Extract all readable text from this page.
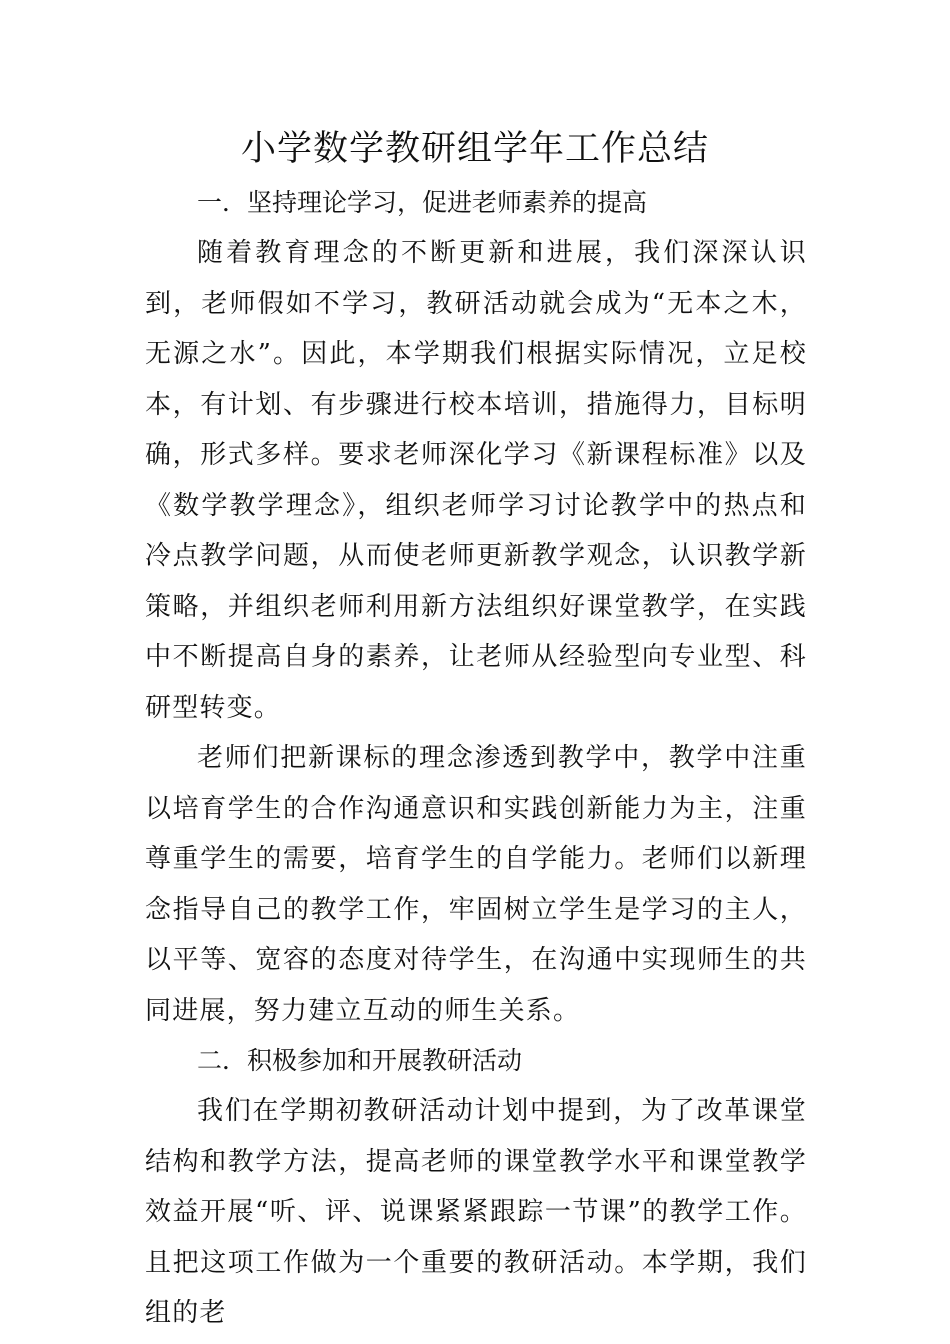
小学数学教研组学年工作总结
一．坚持理论学习，促进老师素养的提高

随着教育理念的不断更新和进展，我们深深认识到，老师假如不学习，教研活动就会成为“无本之木，无源之水”。因此，本学期我们根据实际情况，立足校本，有计划、有步骤进行校本培训，措施得力，目标明确，形式多样。要求老师深化学习《新课程标准》以及《数学教学理念》，组织老师学习讨论教学中的热点和冷点教学问题，从而使老师更新教学观念，认识教学新策略，并组织老师利用新方法组织好课堂教学，在实践中不断提高自身的素养，让老师从经验型向专业型、科研型转变。

老师们把新课标的理念渗透到教学中，教学中注重以培育学生的合作沟通意识和实践创新能力为主，注重尊重学生的需要，培育学生的自学能力。老师们以新理念指导自己的教学工作，牢固树立学生是学习的主人，以平等、宽容的态度对待学生，在沟通中实现师生的共同进展，努力建立互动的师生关系。

二．积极参加和开展教研活动

我们在学期初教研活动计划中提到，为了改革课堂结构和教学方法，提高老师的课堂教学水平和课堂教学效益开展“听、评、说课紧紧跟踪一节课”的教学工作。且把这项工作做为一个重要的教研活动。本学期，我们组的老
